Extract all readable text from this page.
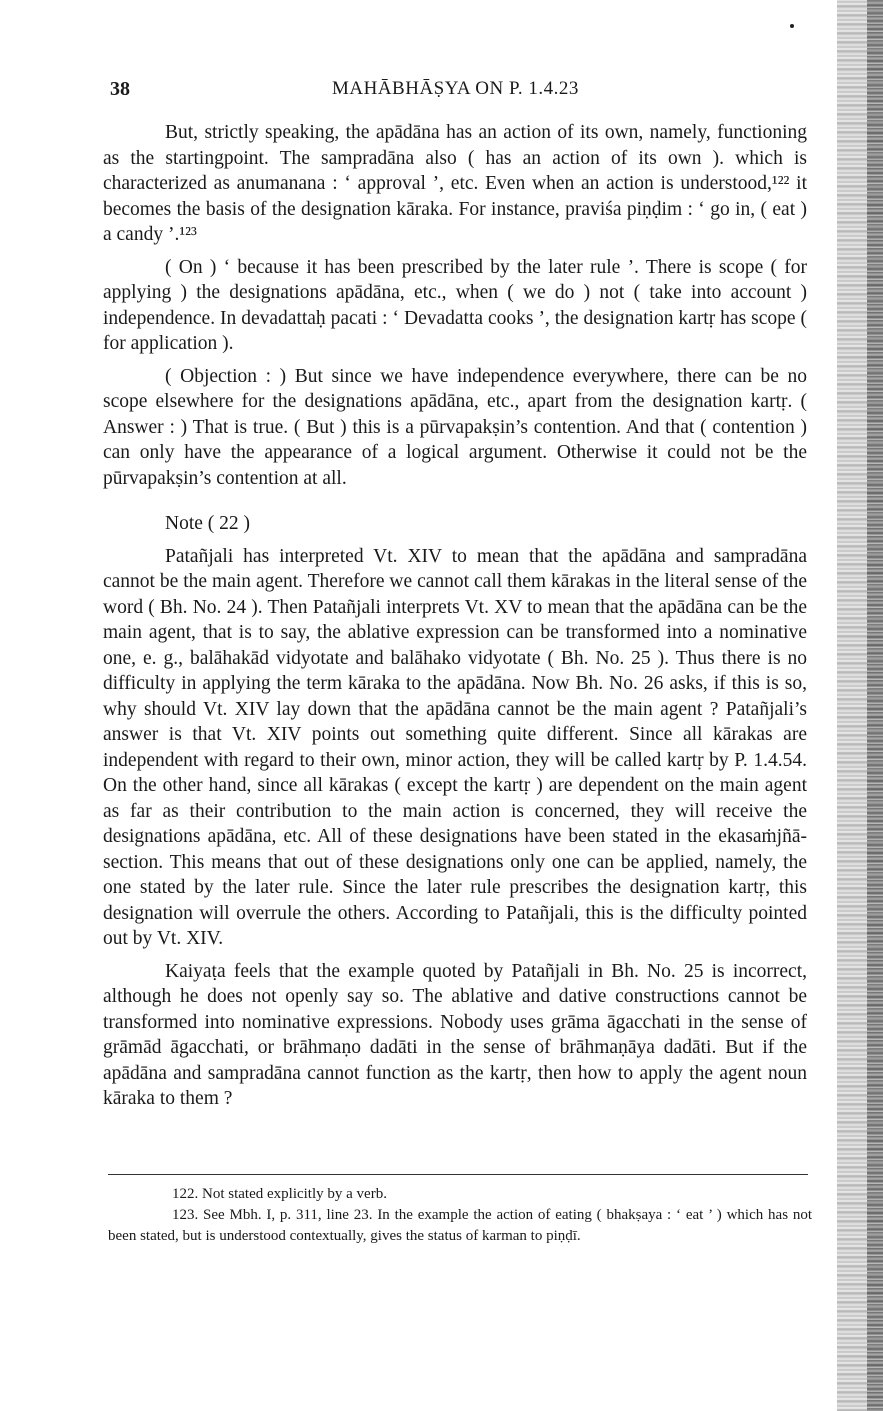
38	MAHĀBHĀṢYA ON P. 1.4.23

But, strictly speaking, the apādāna has an action of its own, namely, functioning as the startingpoint. The sampradāna also ( has an action of its own ). which is characterized as anumanana : ‘ approval ’, etc. Even when an action is understood,¹²² it becomes the basis of the designation kāraka. For instance, praviśa piṇḍim : ‘ go in, ( eat ) a candy ’.¹²³

( On ) ‘ because it has been prescribed by the later rule ’. There is scope ( for applying ) the designations apādāna, etc., when ( we do ) not ( take into account ) independence. In devadattaḥ pacati : ‘ Devadatta cooks ’, the designation kartṛ has scope ( for application ).

( Objection : ) But since we have independence everywhere, there can be no scope elsewhere for the designations apādāna, etc., apart from the designation kartṛ. ( Answer : ) That is true. ( But ) this is a pūrvapakṣin’s contention. And that ( contention ) can only have the appearance of a logical argument. Otherwise it could not be the pūrvapakṣin’s contention at all.

Note ( 22 )

Patañjali has interpreted Vt. XIV to mean that the apādāna and sampradāna cannot be the main agent. Therefore we cannot call them kārakas in the literal sense of the word ( Bh. No. 24 ). Then Patañjali interprets Vt. XV to mean that the apādāna can be the main agent, that is to say, the ablative expression can be transformed into a nominative one, e. g., balāhakād vidyotate and balāhako vidyotate ( Bh. No. 25 ). Thus there is no difficulty in applying the term kāraka to the apādāna. Now Bh. No. 26 asks, if this is so, why should Vt. XIV lay down that the apādāna cannot be the main agent ? Patañjali’s answer is that Vt. XIV points out something quite different. Since all kārakas are independent with regard to their own, minor action, they will be called kartṛ by P. 1.4.54. On the other hand, since all kārakas ( except the kartṛ ) are dependent on the main agent as far as their contribution to the main action is concerned, they will receive the designations apādāna, etc. All of these designations have been stated in the ekasaṁjñā-section. This means that out of these designations only one can be applied, namely, the one stated by the later rule. Since the later rule prescribes the designation kartṛ, this designation will overrule the others. According to Patañjali, this is the difficulty pointed out by Vt. XIV.

Kaiyaṭa feels that the example quoted by Patañjali in Bh. No. 25 is incorrect, although he does not openly say so. The ablative and dative constructions cannot be transformed into nominative expressions. Nobody uses grāma āgacchati in the sense of grāmād āgacchati, or brāhmaṇo dadāti in the sense of brāhmaṇāya dadāti. But if the apādāna and sampradāna cannot function as the kartṛ, then how to apply the agent noun kāraka to them ?

122. Not stated explicitly by a verb.

123. See Mbh. I, p. 311, line 23. In the example the action of eating ( bhakṣaya : ‘ eat ’ ) which has not been stated, but is understood contextually, gives the status of karman to piṇḍī.
